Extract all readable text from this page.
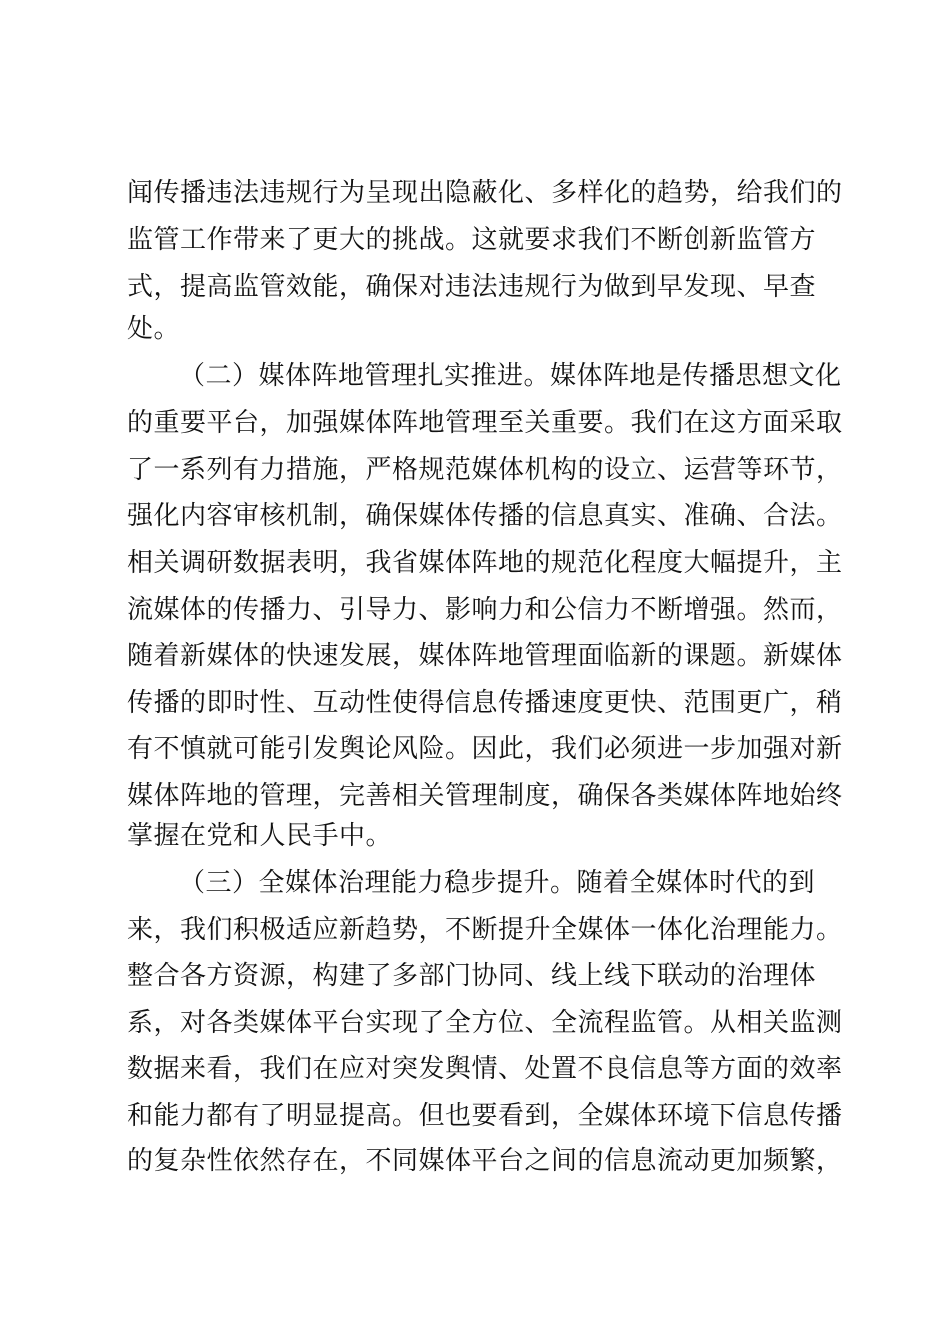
闻传播违法违规行为呈现出隐蔽化、多样化的趋势，给我们的
监管工作带来了更大的挑战。这就要求我们不断创新监管方
式，提高监管效能，确保对违法违规行为做到早发现、早查
处。
（二）媒体阵地管理扎实推进。媒体阵地是传播思想文化
的重要平台，加强媒体阵地管理至关重要。我们在这方面采取
了一系列有力措施，严格规范媒体机构的设立、运营等环节，
强化内容审核机制，确保媒体传播的信息真实、准确、合法。
相关调研数据表明，我省媒体阵地的规范化程度大幅提升，主
流媒体的传播力、引导力、影响力和公信力不断增强。然而，
随着新媒体的快速发展，媒体阵地管理面临新的课题。新媒体
传播的即时性、互动性使得信息传播速度更快、范围更广，稍
有不慎就可能引发舆论风险。因此，我们必须进一步加强对新
媒体阵地的管理，完善相关管理制度，确保各类媒体阵地始终
掌握在党和人民手中。
（三）全媒体治理能力稳步提升。随着全媒体时代的到
来，我们积极适应新趋势，不断提升全媒体一体化治理能力。
整合各方资源，构建了多部门协同、线上线下联动的治理体
系，对各类媒体平台实现了全方位、全流程监管。从相关监测
数据来看，我们在应对突发舆情、处置不良信息等方面的效率
和能力都有了明显提高。但也要看到，全媒体环境下信息传播
的复杂性依然存在，不同媒体平台之间的信息流动更加频繁，
